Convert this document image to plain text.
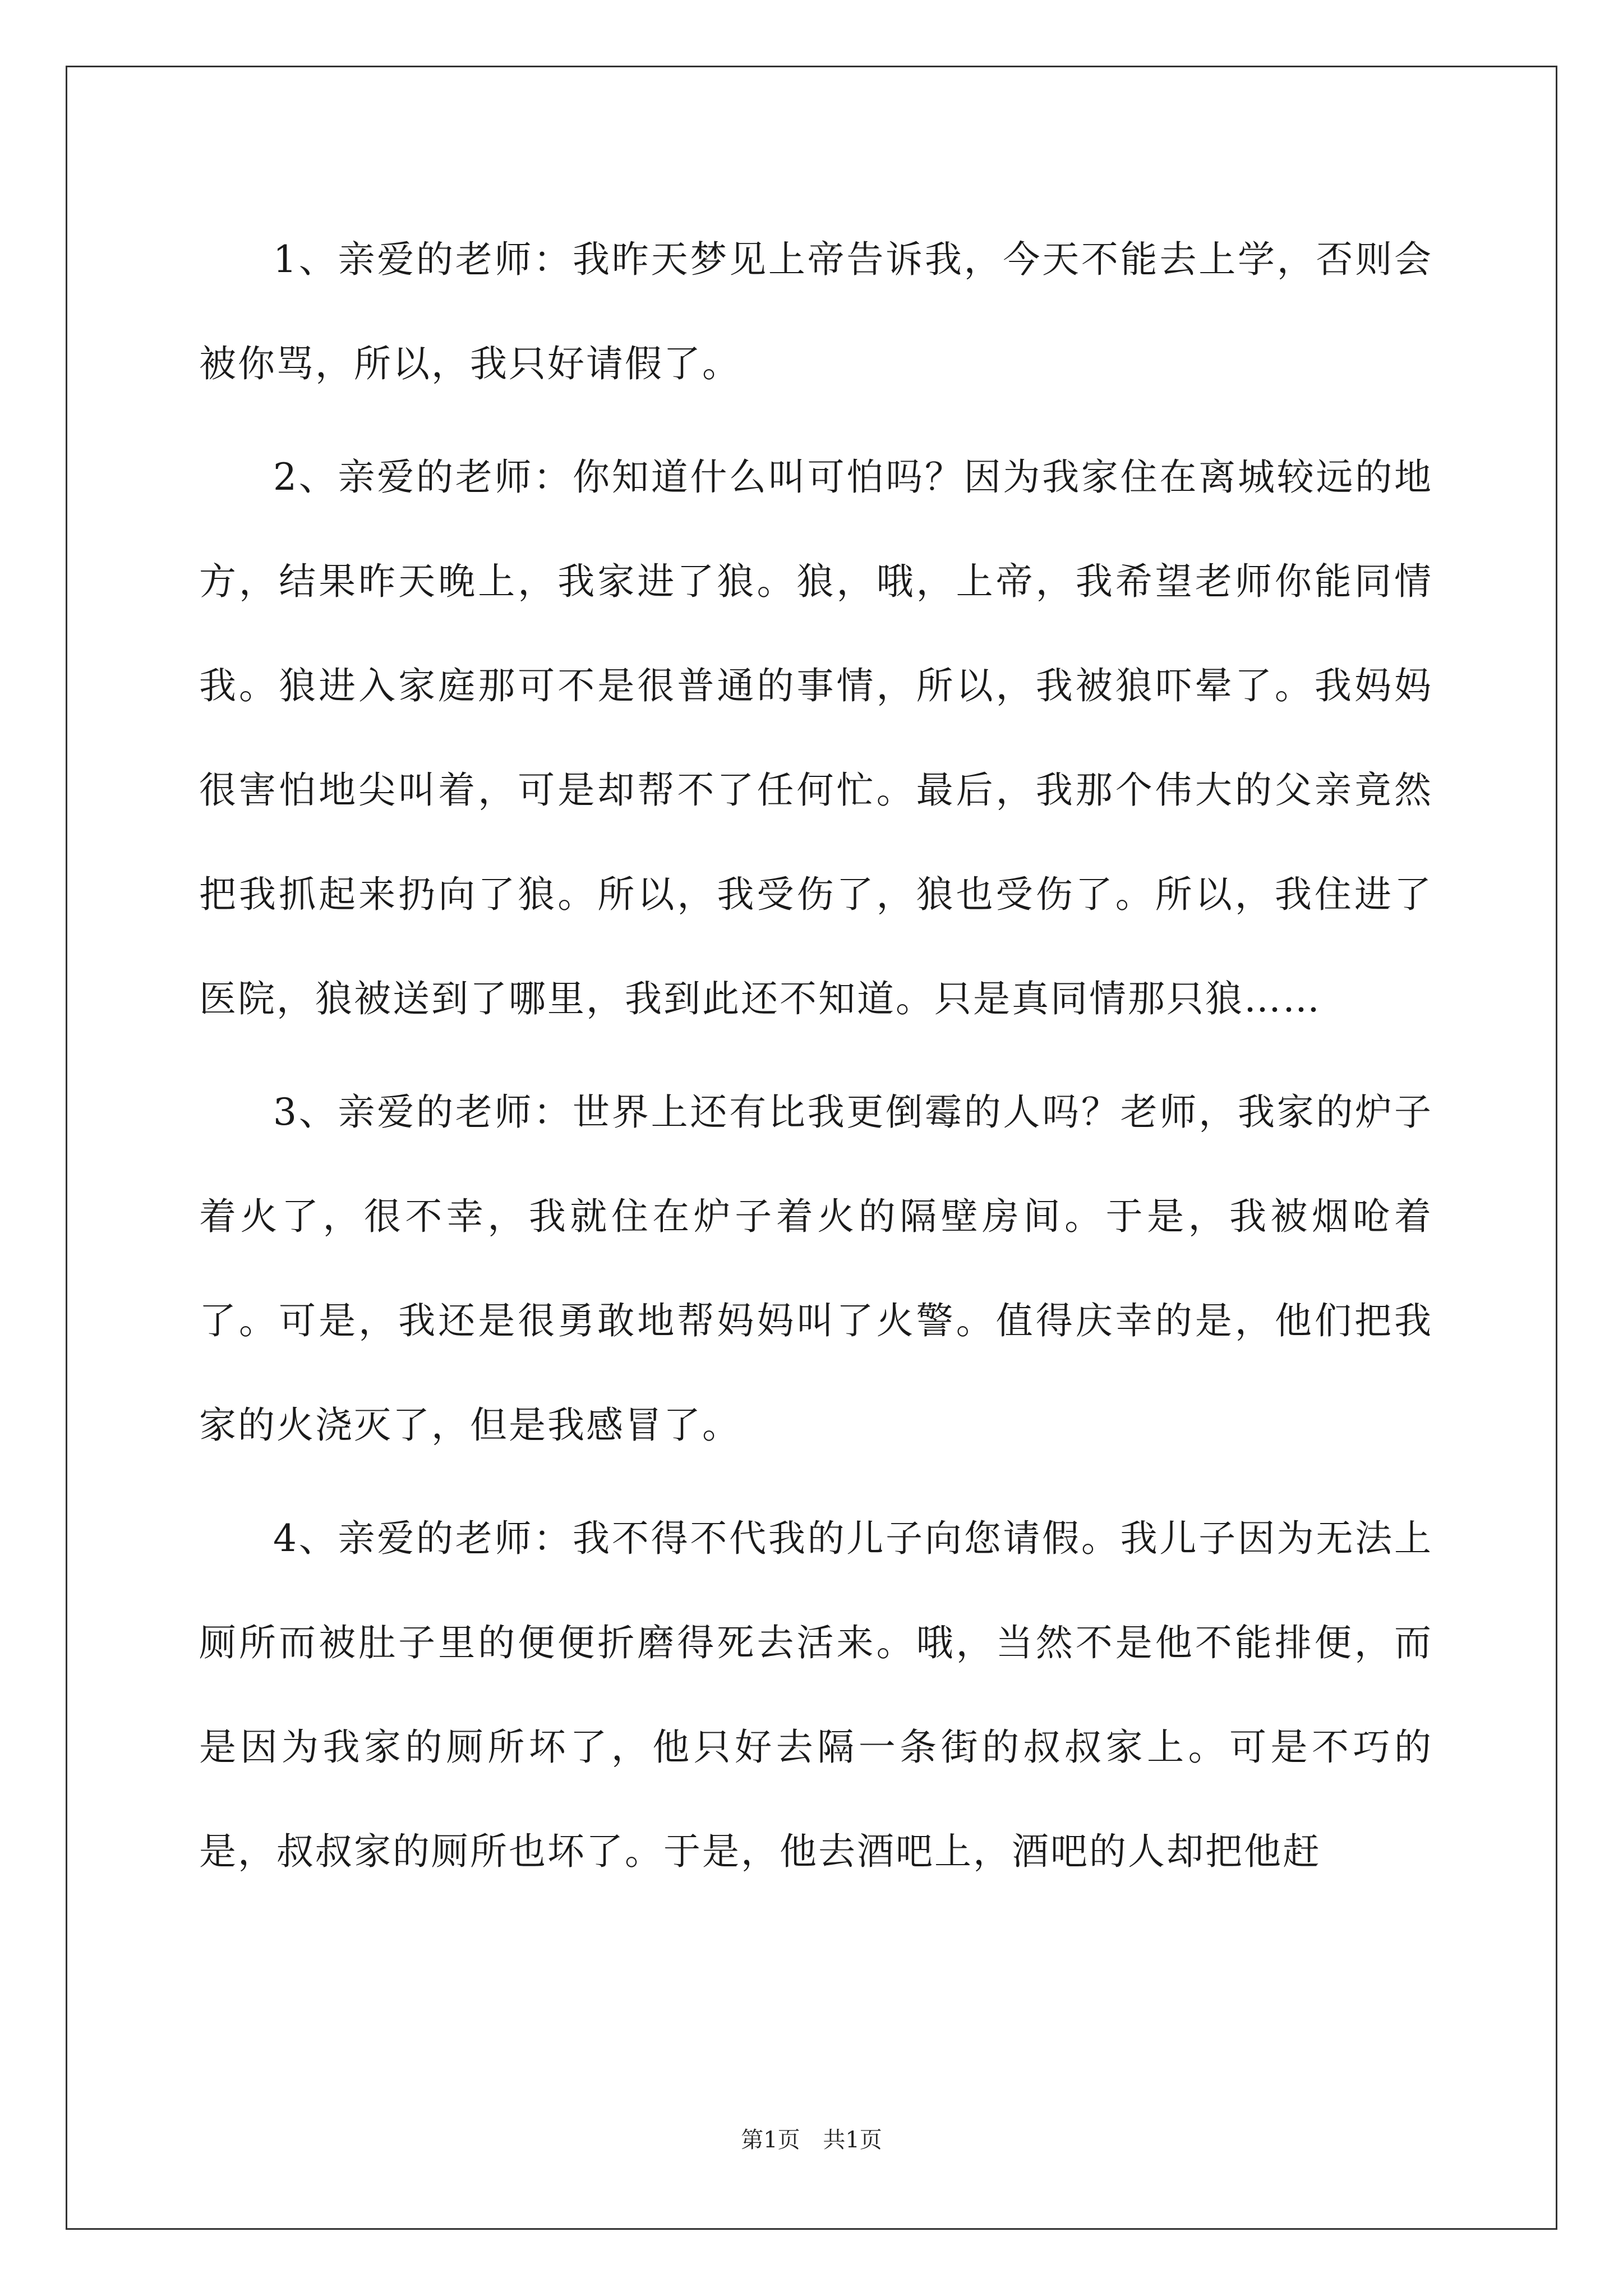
1、亲爱的老师：我昨天梦见上帝告诉我，今天不能去上学，否则会被你骂，所以，我只好请假了。

2、亲爱的老师：你知道什么叫可怕吗？因为我家住在离城较远的地方，结果昨天晚上，我家进了狼。狼，哦，上帝，我希望老师你能同情我。狼进入家庭那可不是很普通的事情，所以，我被狼吓晕了。我妈妈很害怕地尖叫着，可是却帮不了任何忙。最后，我那个伟大的父亲竟然把我抓起来扔向了狼。所以，我受伤了，狼也受伤了。所以，我住进了医院，狼被送到了哪里，我到此还不知道。只是真同情那只狼……

3、亲爱的老师：世界上还有比我更倒霉的人吗？老师，我家的炉子着火了，很不幸，我就住在炉子着火的隔壁房间。于是，我被烟呛着了。可是，我还是很勇敢地帮妈妈叫了火警。值得庆幸的是，他们把我家的火浇灭了，但是我感冒了。

4、亲爱的老师：我不得不代我的儿子向您请假。我儿子因为无法上厕所而被肚子里的便便折磨得死去活来。哦，当然不是他不能排便，而是因为我家的厕所坏了，他只好去隔一条街的叔叔家上。可是不巧的是，叔叔家的厕所也坏了。于是，他去酒吧上，酒吧的人却把他赶

第1页 共1页
